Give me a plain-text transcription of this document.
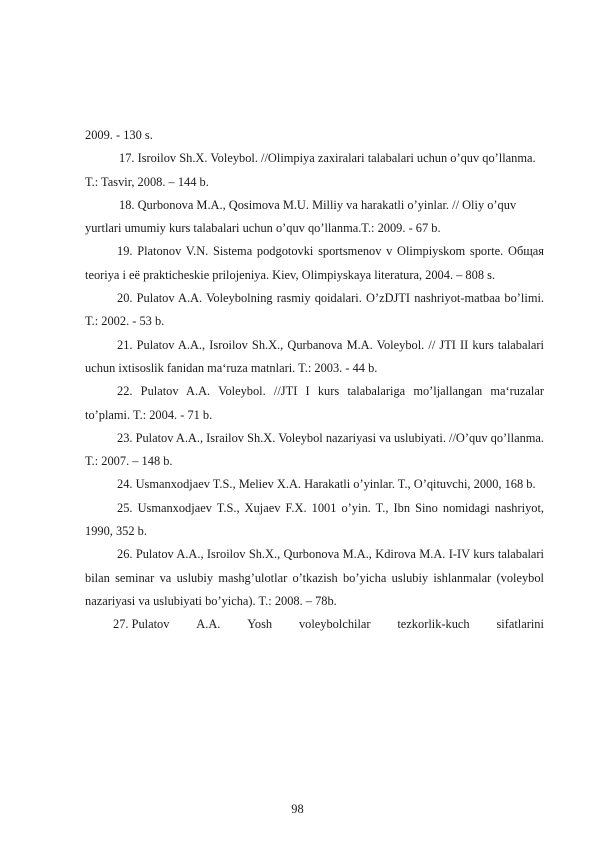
2009. - 130 s.

17. Isroilov Sh.X. Voleybol. //Olimpiya zaxiralari talabalari uchun o’quv qo’llanma. T.: Tasvir, 2008. – 144 b.

18. Qurbonova M.A., Qosimova M.U. Milliy va harakatli o’yinlar. // Oliy o’quv yurtlari umumiy kurs talabalari uchun o’quv qo’llanma.T.: 2009. - 67 b.

19. Platonov V.N. Sistema podgotovki sportsmenov v Olimpiyskom sporte. Общая teoriya i eё prakticheskie prilojeniya. Kiev, Olimpiyskaya literatura, 2004. – 808 s.

20. Pulatov A.A. Voleybolning rasmiy qoidalari. O’zDJTI nashriyot-matbaa bo’limi. T.: 2002. - 53 b.

21. Pulatov A.A., Isroilov Sh.X., Qurbanova M.A. Voleybol. // JTI II kurs talabalari uchun ixtisoslik fanidan ma‘ruza matnlari. T.: 2003. - 44 b.

22. Pulatov A.A. Voleybol. //JTI I kurs talabalariga mo’ljallangan ma‘ruzalar to’plami. T.: 2004. - 71 b.

23. Pulatov A.A., Israilov Sh.X. Voleybol nazariyasi va uslubiyati. //O’quv qo’llanma. T.: 2007. – 148 b.

24. Usmanxodjaev T.S., Meliev X.A. Harakatli o’yinlar. T., O’qituvchi, 2000, 168 b.

25. Usmanxodjaev T.S., Xujaev F.X. 1001 o’yin. T., Ibn Sino nomidagi nashriyot, 1990, 352 b.

26. Pulatov A.A., Isroilov Sh.X., Qurbonova M.A., Kdirova M.A. I-IV kurs talabalari bilan seminar va uslubiy mashg’ulotlar o’tkazish bo’yicha uslubiy ishlanmalar (voleybol nazariyasi va uslubiyati bo’yicha). T.: 2008. – 78b.

27. Pulatov A.A. Yosh voleybolchilar tezkorlik-kuch sifatlarini
98
